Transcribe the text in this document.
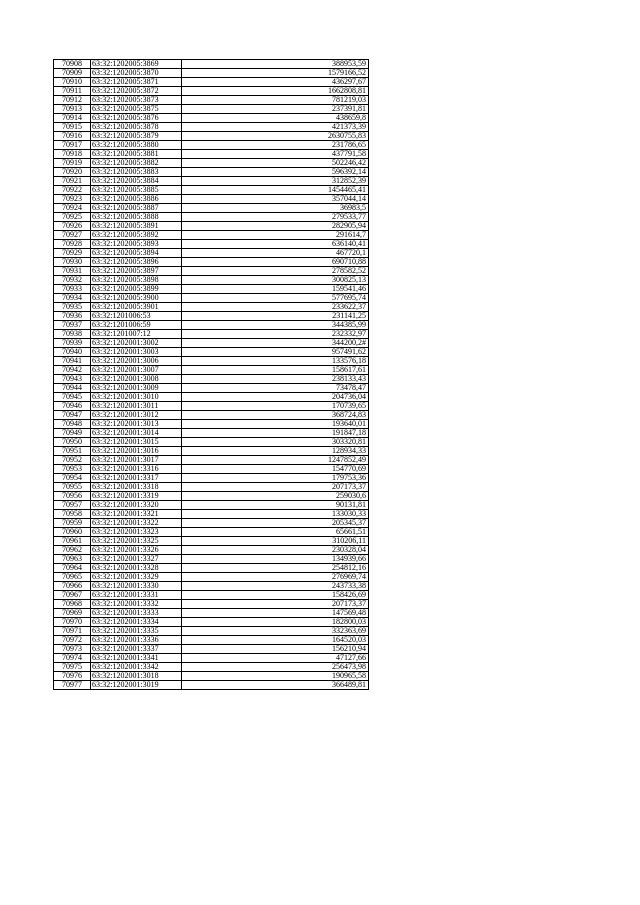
70908	63:32:1202005:3869	388953,59
70909	63:32:1202005:3870	1579166,52
70910	63:32:1202005:3871	436297,67
70911	63:32:1202005:3872	1662808,81
70912	63:32:1202005:3873	781219,03
70913	63:32:1202005:3875	237391,81
70914	63:32:1202005:3876	438659,8
70915	63:32:1202005:3878	421373,39
70916	63:32:1202005:3879	2630755,83
70917	63:32:1202005:3880	231786,65
70918	63:32:1202005:3881	437791,58
70919	63:32:1202005:3882	502246,42
70920	63:32:1202005:3883	596392,14
70921	63:32:1202005:3884	312852,39
70922	63:32:1202005:3885	1454465,41
70923	63:32:1202005:3886	357044,14
70924	63:32:1202005:3887	36983,5
70925	63:32:1202005:3888	279533,77
70926	63:32:1202005:3891	282905,94
70927	63:32:1202005:3892	291614,7
70928	63:32:1202005:3893	636140,41
70929	63:32:1202005:3894	467720,1
70930	63:32:1202005:3896	690710,88
70931	63:32:1202005:3897	278582,52
70932	63:32:1202005:3898	300825,13
70933	63:32:1202005:3899	159541,46
70934	63:32:1202005:3900	577695,74
70935	63:32:1202005:3901	233622,37
70936	63:32:1201006:53	231141,25
70937	63:32:1201006:59	344385,99
70938	63:32:1201007:12	232332,97
70939	63:32:1202001:3002	344200,2#
70940	63:32:1202001:3003	957491,62
70941	63:32:1202001:3006	133576,18
70942	63:32:1202001:3007	158617,61
70943	63:32:1202001:3008	238133,43
70944	63:32:1202001:3009	73478,47
70945	63:32:1202001:3010	204736,04
70946	63:32:1202001:3011	170739,65
70947	63:32:1202001:3012	368724,83
70948	63:32:1202001:3013	193640,01
70949	63:32:1202001:3014	191847,18
70950	63:32:1202001:3015	303320,81
70951	63:32:1202001:3016	128934,33
70952	63:32:1202001:3017	1247852,49
70953	63:32:1202001:3316	154770,69
70954	63:32:1202001:3317	179753,36
70955	63:32:1202001:3318	207173,37
70956	63:32:1202001:3319	259030,6
70957	63:32:1202001:3320	90131,81
70958	63:32:1202001:3321	133030,33
70959	63:32:1202001:3322	205345,37
70960	63:32:1202001:3323	65661,51
70961	63:32:1202001:3325	310206,11
70962	63:32:1202001:3326	230328,04
70963	63:32:1202001:3327	134939,66
70964	63:32:1202001:3328	254812,16
70965	63:32:1202001:3329	276969,74
70966	63:32:1202001:3330	243733,38
70967	63:32:1202001:3331	158426,69
70968	63:32:1202001:3332	207173,37
70969	63:32:1202001:3333	147569,48
70970	63:32:1202001:3334	182800,03
70971	63:32:1202001:3335	332363,69
70972	63:32:1202001:3336	164520,03
70973	63:32:1202001:3337	156210,94
70974	63:32:1202001:3341	47127,66
70975	63:32:1202001:3342	256473,98
70976	63:32:1202001:3018	190965,58
70977	63:32:1202001:3019	366489,81
